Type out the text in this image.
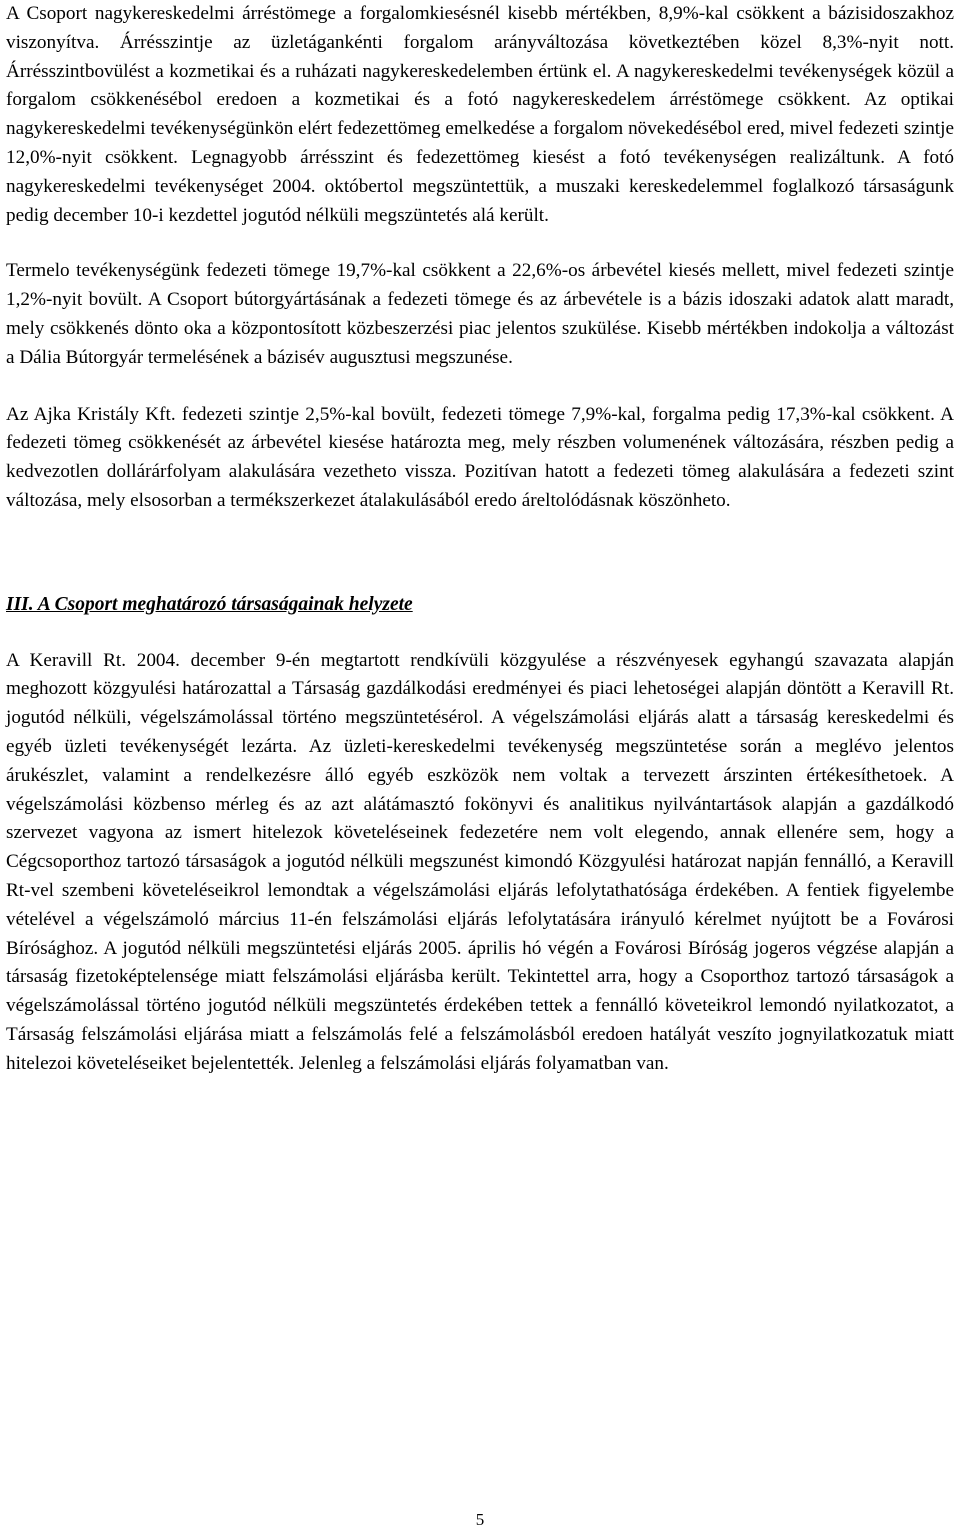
A Csoport nagykereskedelmi árréstömege a forgalomkiesésnél kisebb mértékben, 8,9%-kal csökkent a bázisidoszakhoz viszonyítva. Árrésszintje az üzletágankénti forgalom arányváltozása következtében közel 8,3%-nyit nott. Árrésszintbovülést a kozmetikai és a ruházati nagykereskedelemben értünk el. A nagykereskedelmi tevékenységek közül a forgalom csökkenésébol eredoen a kozmetikai és a fotó nagykereskedelem árréstömege csökkent. Az optikai nagykereskedelmi tevékenységünkön elért fedezettömeg emelkedése a forgalom növekedésébol ered, mivel fedezeti szintje 12,0%-nyit csökkent. Legnagyobb árrésszint és fedezettömeg kiesést a fotó tevékenységen realizáltunk. A fotó nagykereskedelmi tevékenységet 2004. októbertol megszüntettük, a muszaki kereskedelemmel foglalkozó társaságunk pedig december 10-i kezdettel jogutód nélküli megszüntetés alá került.

Termelo tevékenységünk fedezeti tömege 19,7%-kal csökkent a 22,6%-os árbevétel kiesés mellett, mivel fedezeti szintje 1,2%-nyit bovült. A Csoport bútorgyártásának a fedezeti tömege és az árbevétele is a bázis idoszaki adatok alatt maradt, mely csökkenés dönto oka a központosított közbeszerzési piac jelentos szukülése. Kisebb mértékben indokolja a változást a Dália Bútorgyár termelésének a bázisév augusztusi megszunése.

Az Ajka Kristály Kft. fedezeti szintje 2,5%-kal bovült, fedezeti tömege 7,9%-kal, forgalma pedig 17,3%-kal csökkent. A fedezeti tömeg csökkenését az árbevétel kiesése határozta meg, mely részben volumenének változására, részben pedig a kedvezotlen dollárárfolyam alakulására vezetheto vissza. Pozitívan hatott a fedezeti tömeg alakulására a fedezeti szint változása, mely elsosorban a termékszerkezet átalakulásából eredo áreltolódásnak köszönheto.

III. A Csoport meghatározó társaságainak helyzete

A Keravill Rt. 2004. december 9-én megtartott rendkívüli közgyulése a részvényesek egyhangú szavazata alapján meghozott közgyulési határozattal a Társaság gazdálkodási eredményei és piaci lehetoségei alapján döntött a Keravill Rt. jogutód nélküli, végelszámolással történo megszüntetésérol. A végelszámolási eljárás alatt a társaság kereskedelmi és egyéb üzleti tevékenységét lezárta. Az üzleti-kereskedelmi tevékenység megszüntetése során a meglévo jelentos árukészlet, valamint a rendelkezésre álló egyéb eszközök nem voltak a tervezett árszinten értékesíthetoek. A végelszámolási közbenso mérleg és az azt alátámasztó fokönyvi és analitikus nyilvántartások alapján a gazdálkodó szervezet vagyona az ismert hitelezok követeléseinek fedezetére nem volt elegendo, annak ellenére sem, hogy a Cégcsoporthoz tartozó társaságok a jogutód nélküli megszunést kimondó Közgyulési határozat napján fennálló, a Keravill Rt-vel szembeni követeléseikrol lemondtak a végelszámolási eljárás lefolytathatósága érdekében. A fentiek figyelembe vételével a végelszámoló március 11-én felszámolási eljárás lefolytatására irányuló kérelmet nyújtott be a Fovárosi Bírósághoz. A jogutód nélküli megszüntetési eljárás 2005. április hó végén a Fovárosi Bíróság jogeros végzése alapján a társaság fizetoképtelensége miatt felszámolási eljárásba került. Tekintettel arra, hogy a Csoporthoz tartozó társaságok a végelszámolással történo jogutód nélküli megszüntetés érdekében tettek a fennálló követeikrol lemondó nyilatkozatot, a Társaság felszámolási eljárása miatt a felszámolás felé a felszámolásból eredoen hatályát veszíto jognyilatkozatuk miatt hitelezoi követeléseiket bejelentették. Jelenleg a felszámolási eljárás folyamatban van.

5
